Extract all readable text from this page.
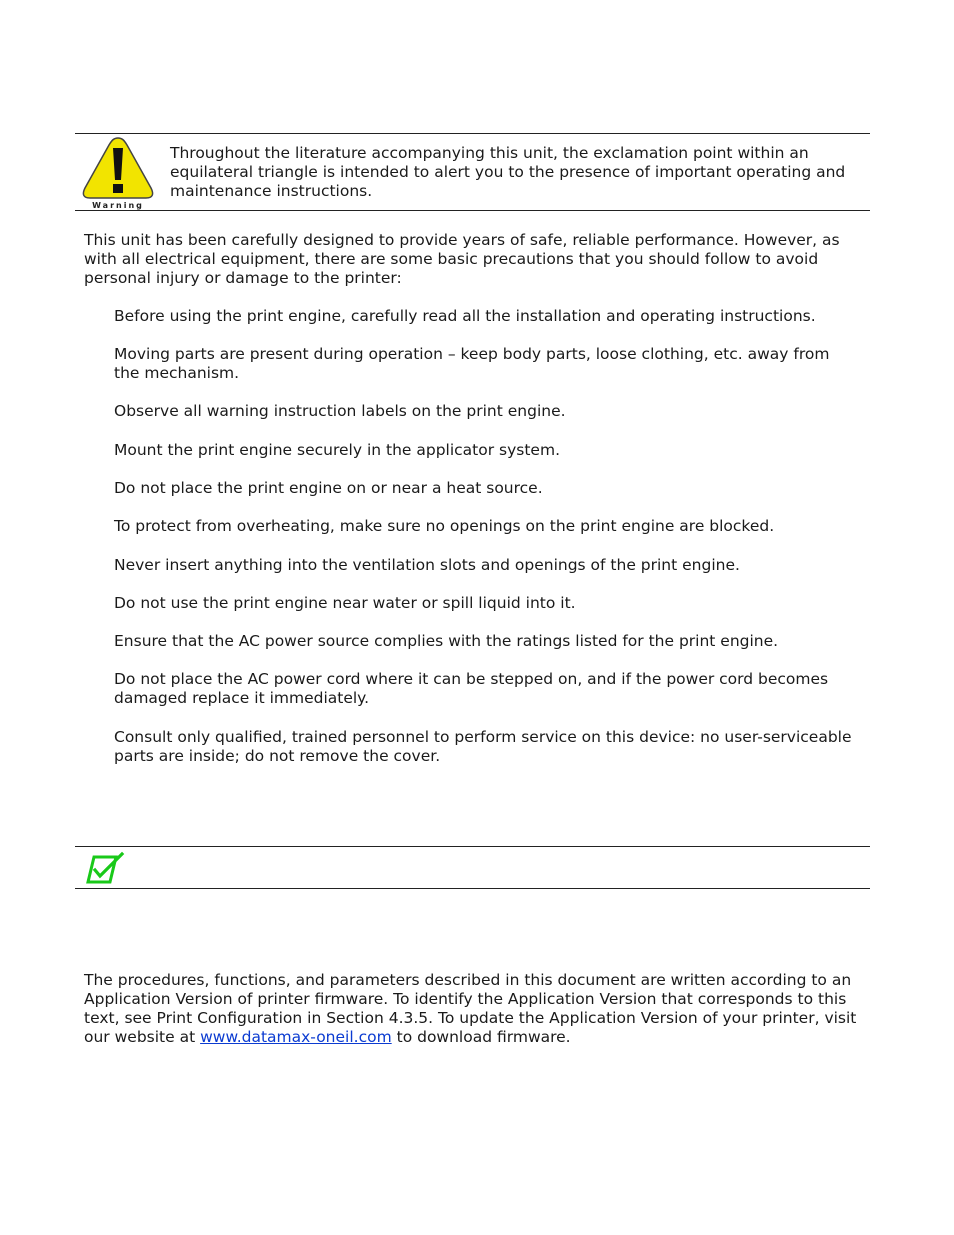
Warning
Throughout the literature accompanying this unit, the exclamation point within an equilateral triangle is intended to alert you to the presence of important operating and maintenance instructions.
This unit has been carefully designed to provide years of safe, reliable performance. However, as with all electrical equipment, there are some basic precautions that you should follow to avoid personal injury or damage to the printer:
Before using the print engine, carefully read all the installation and operating instructions.
Moving parts are present during operation – keep body parts, loose clothing, etc. away from the mechanism.
Observe all warning instruction labels on the print engine.
Mount the print engine securely in the applicator system.
Do not place the print engine on or near a heat source.
To protect from overheating, make sure no openings on the print engine are blocked.
Never insert anything into the ventilation slots and openings of the print engine.
Do not use the print engine near water or spill liquid into it.
Ensure that the AC power source complies with the ratings listed for the print engine.
Do not place the AC power cord where it can be stepped on, and if the power cord becomes damaged replace it immediately.
Consult only qualified, trained personnel to perform service on this device: no user-serviceable parts are inside; do not remove the cover.
The procedures, functions, and parameters described in this document are written according to an Application Version of printer firmware. To identify the Application Version that corresponds to this text, see Print Configuration in Section 4.3.5. To update the Application Version of your printer, visit our website at www.datamax-oneil.com to download firmware.
